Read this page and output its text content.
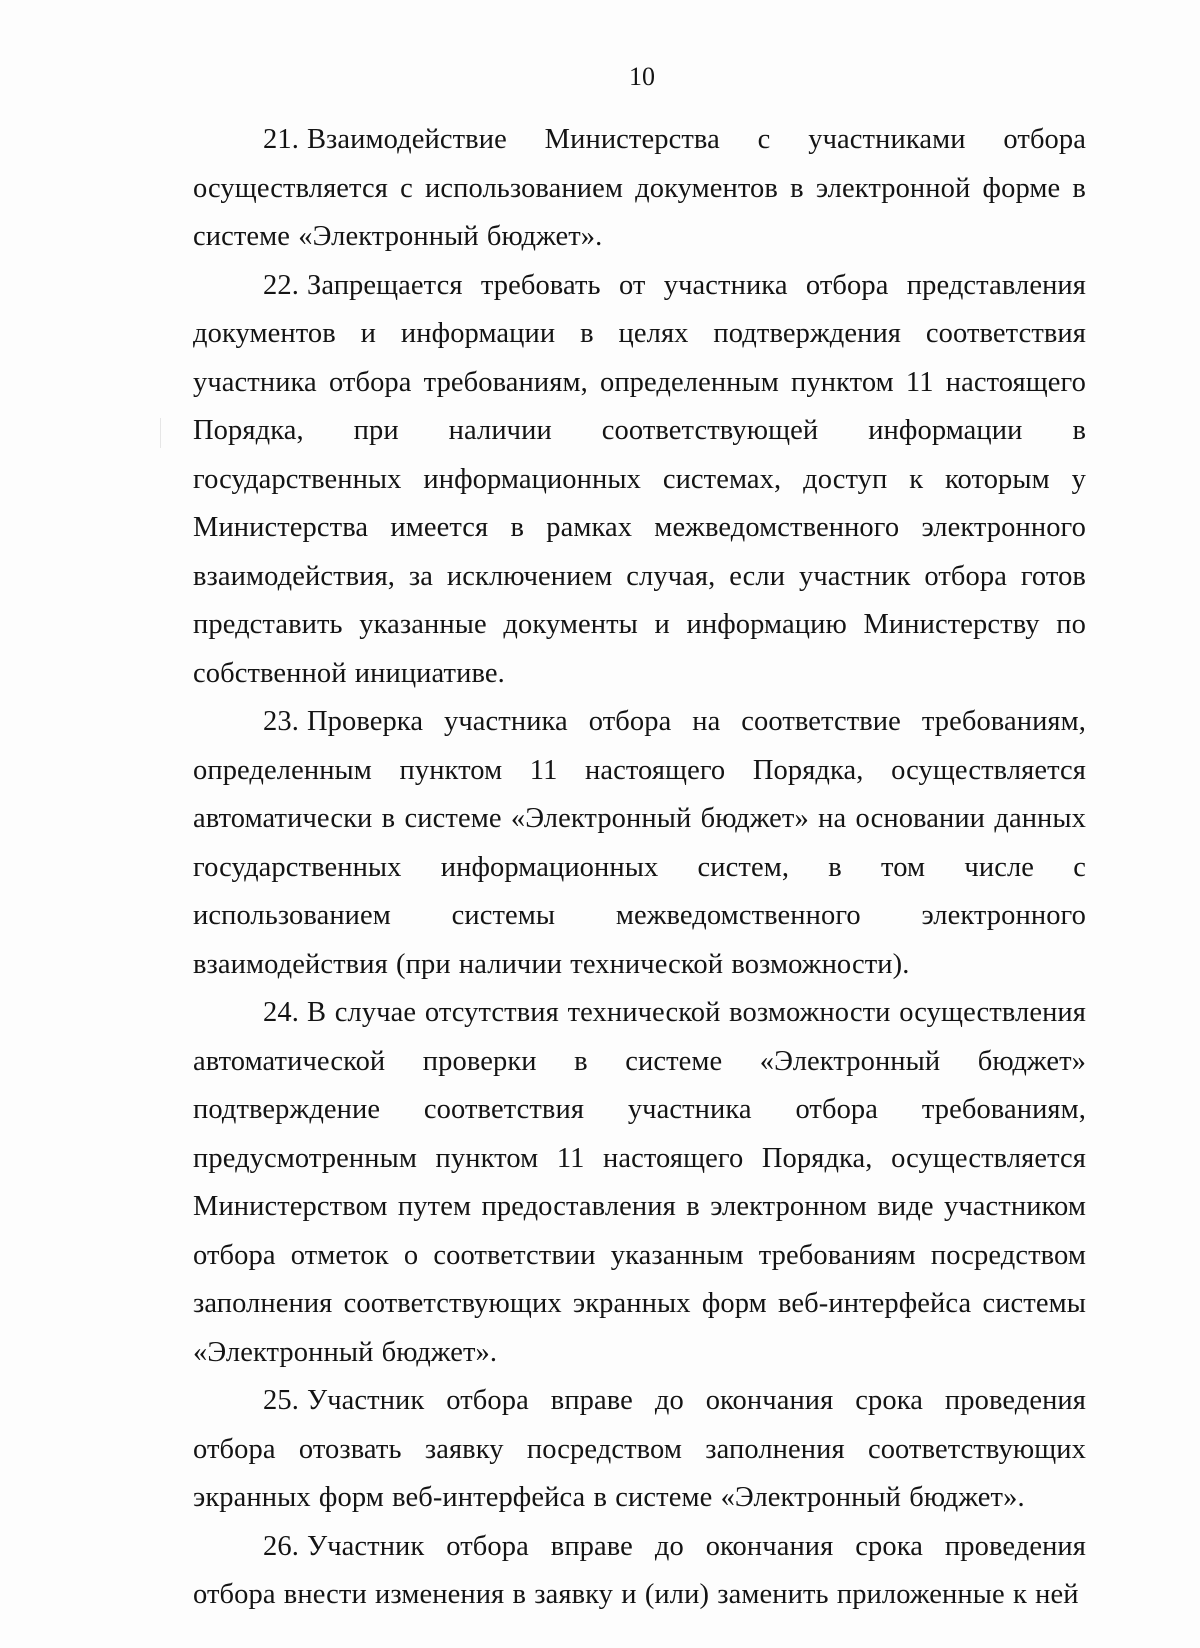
10

21. Взаимодействие Министерства с участниками отбора осуществляется с использованием документов в электронной форме в системе «Электронный бюджет».

22. Запрещается требовать от участника отбора представления документов и информации в целях подтверждения соответствия участника отбора требованиям, определенным пунктом 11 настоящего Порядка, при наличии соответствующей информации в государственных информационных системах, доступ к которым у Министерства имеется в рамках межведомственного электронного взаимодействия, за исключением случая, если участник отбора готов представить указанные документы и информацию Министерству по собственной инициативе.

23. Проверка участника отбора на соответствие требованиям, определенным пунктом 11 настоящего Порядка, осуществляется автоматически в системе «Электронный бюджет» на основании данных государственных информационных систем, в том числе с использованием системы межведомственного электронного взаимодействия (при наличии технической возможности).

24. В случае отсутствия технической возможности осуществления автоматической проверки в системе «Электронный бюджет» подтверждение соответствия участника отбора требованиям, предусмотренным пунктом 11 настоящего Порядка, осуществляется Министерством путем предоставления в электронном виде участником отбора отметок о соответствии указанным требованиям посредством заполнения соответствующих экранных форм веб-интерфейса системы «Электронный бюджет».

25. Участник отбора вправе до окончания срока проведения отбора отозвать заявку посредством заполнения соответствующих экранных форм веб-интерфейса в системе «Электронный бюджет».

26. Участник отбора вправе до окончания срока проведения отбора внести изменения в заявку и (или) заменить приложенные к ней
